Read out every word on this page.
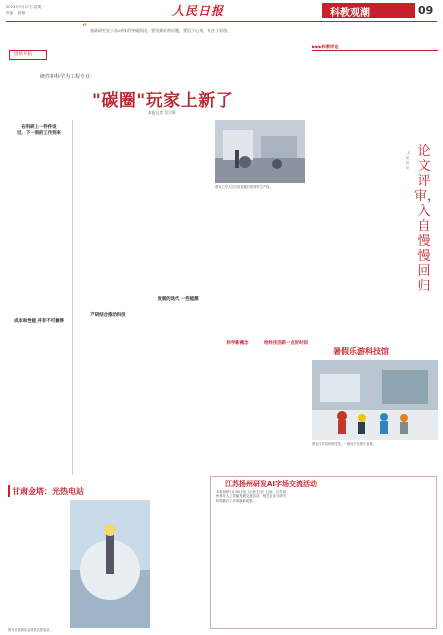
2023年7月27日 星期一
责编： 邮箱：	人民日报	科教观潮	09
创新开拓
“ 基础研究处于从0到1的突破阶段，要找到好的问题，要沉下心来，专注于原创。
硬件和科学为工程专业：
"碳圈"玩家上新了
本报记者 吴月辉
在科研上一件件设
过，下一刻的工作到来
成本和性能 并非不可兼得
产研结合推动科技
发展的迭代 一些能源
图为工作人员在检查碳纤维材料生产线。
▶▶▶科教评论
论文评审，入自慢慢回归
·人民时评·
科学新概念	给科技创新一点好时间
暑假乐游科技馆
图为江苏扬州科技馆，一群孩子在展厅参观。
甘肃金塔：光热电站
图为甘肃酒泉金塔县光热电站。
江苏扬州研发AI字场交流活动
本报扬州7月26日电（记者王伟）日前，江苏扬州举办人工智能发展交流活动，相关企业与研究机构展示了多项最新成果。
